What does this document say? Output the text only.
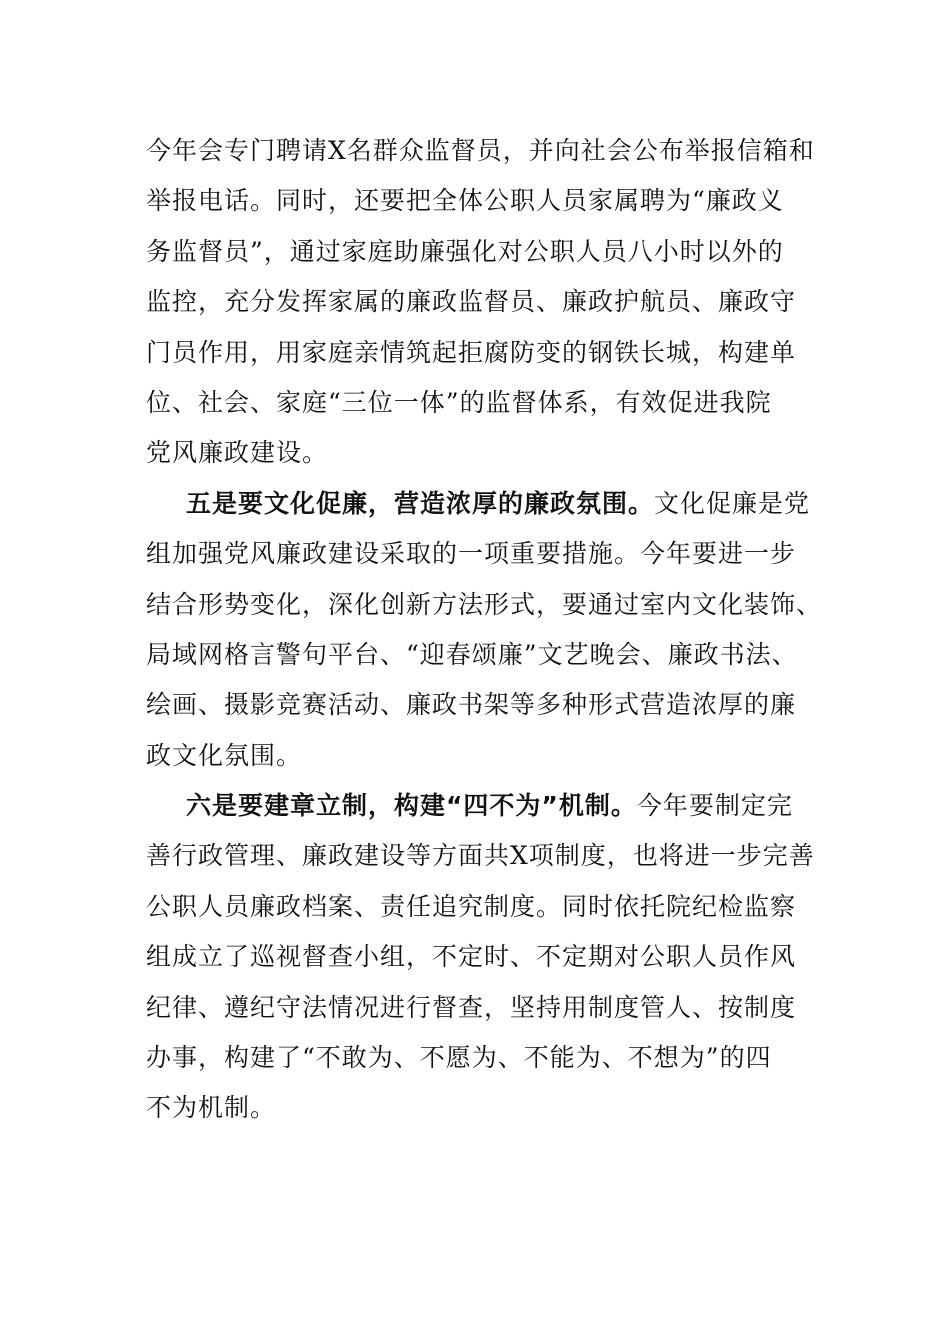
今年会专门聘请X名群众监督员，并向社会公布举报信箱和
举报电话。同时，还要把全体公职人员家属聘为“廉政义
务监督员”，通过家庭助廉强化对公职人员八小时以外的
监控，充分发挥家属的廉政监督员、廉政护航员、廉政守
门员作用，用家庭亲情筑起拒腐防变的钢铁长城，构建单
位、社会、家庭“三位一体”的监督体系，有效促进我院
党风廉政建设。
五是要文化促廉，营造浓厚的廉政氛围。文化促廉是党
组加强党风廉政建设采取的一项重要措施。今年要进一步
结合形势变化，深化创新方法形式，要通过室内文化装饰、
局域网格言警句平台、“迎春颂廉”文艺晚会、廉政书法、
绘画、摄影竞赛活动、廉政书架等多种形式营造浓厚的廉
政文化氛围。
六是要建章立制，构建“四不为”机制。今年要制定完
善行政管理、廉政建设等方面共X项制度，也将进一步完善
公职人员廉政档案、责任追究制度。同时依托院纪检监察
组成立了巡视督查小组，不定时、不定期对公职人员作风
纪律、遵纪守法情况进行督查，坚持用制度管人、按制度
办事，构建了“不敢为、不愿为、不能为、不想为”的四
不为机制。
